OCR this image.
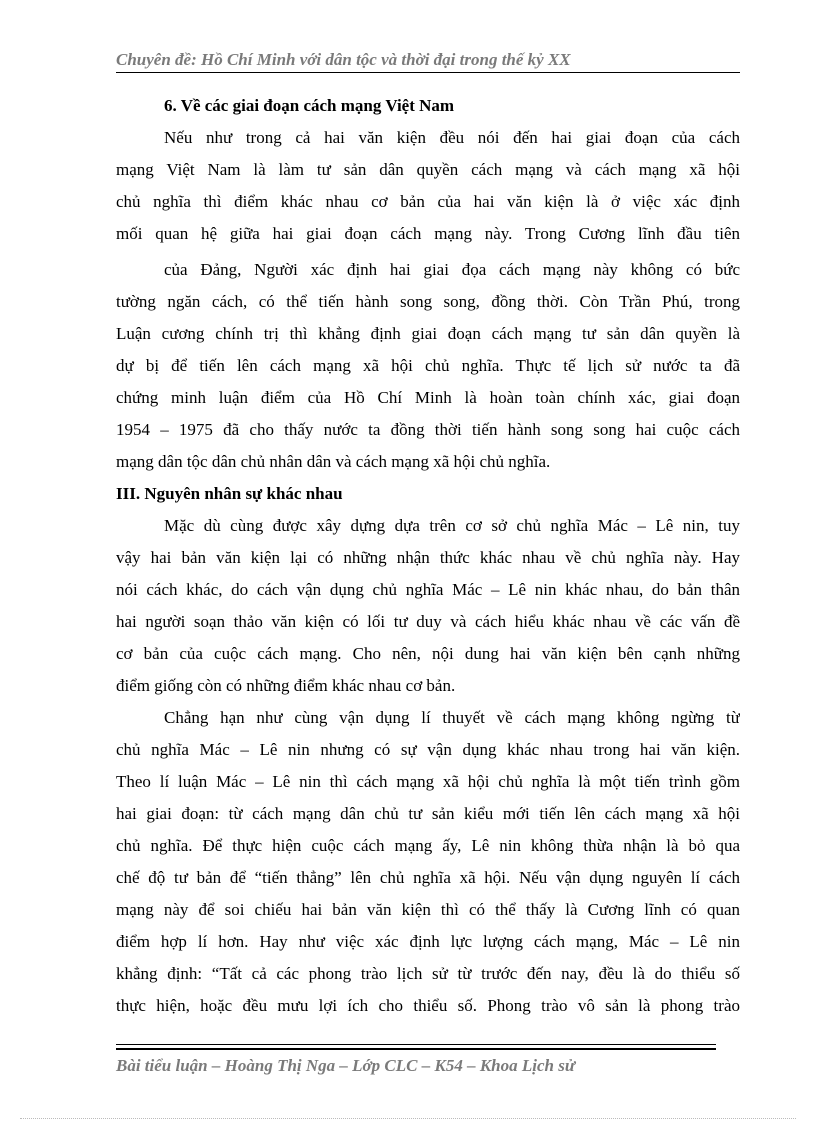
Chuyên đề: Hồ Chí Minh với dân tộc và thời đại trong thế kỷ XX
6. Về các giai đoạn cách mạng Việt Nam
Nếu như trong cả hai văn kiện đều nói đến hai giai đoạn của cách
mạng Việt Nam là làm tư sản dân quyền cách mạng và cách mạng xã hội
chủ nghĩa thì điểm khác nhau cơ bản của hai văn kiện là ở việc xác định
mối quan hệ giữa hai giai đoạn cách mạng này. Trong Cương lĩnh đầu tiên
của Đảng, Người xác định hai giai đọa cách mạng này không có bức
tường ngăn cách, có thể tiến hành song song, đồng thời. Còn Trần Phú, trong
Luận cương chính trị thì khẳng định giai đoạn cách mạng tư sản dân quyền là
dự bị để tiến lên cách mạng xã hội chủ nghĩa. Thực tế lịch sử nước ta đã
chứng minh luận điểm của Hồ Chí Minh là hoàn toàn chính xác, giai đoạn
1954 – 1975 đã cho thấy nước ta đồng thời tiến hành song song hai cuộc cách
mạng dân tộc dân chủ nhân dân và cách mạng xã hội chủ nghĩa.
III. Nguyên nhân sự khác nhau
Mặc dù cùng được xây dựng dựa trên cơ sở chủ nghĩa Mác – Lê nin, tuy
vậy hai bản văn kiện lại có những nhận thức khác nhau về chủ nghĩa này. Hay
nói cách khác, do cách vận dụng chủ nghĩa Mác – Lê nin khác nhau, do bản thân
hai người soạn thảo văn kiện có lối tư duy và cách hiểu khác nhau về các vấn đề
cơ bản của cuộc cách mạng. Cho nên, nội dung hai văn kiện bên cạnh những
điểm giống còn có những điểm khác nhau cơ bản.
Chẳng hạn như cùng vận dụng lí thuyết về cách mạng không ngừng từ
chủ nghĩa Mác – Lê nin nhưng có sự vận dụng khác nhau trong hai văn kiện.
Theo lí luận Mác – Lê nin thì cách mạng xã hội chủ nghĩa là một tiến trình gồm
hai giai đoạn: từ cách mạng dân chủ tư sản kiểu mới tiến lên cách mạng xã hội
chủ nghĩa. Để thực hiện cuộc cách mạng ấy, Lê nin không thừa nhận là bỏ qua
chế độ tư bản để “tiến thẳng” lên chủ nghĩa xã hội. Nếu vận dụng nguyên lí cách
mạng này để soi chiếu hai bản văn kiện thì có thể thấy là Cương lĩnh có quan
điểm hợp lí hơn. Hay như việc xác định lực lượng cách mạng, Mác – Lê nin
khẳng định: “Tất cả các phong trào lịch sử từ trước đến nay, đều là do thiểu số
thực hiện, hoặc đều mưu lợi ích cho thiểu số. Phong trào vô sản là phong trào
Bài tiểu luận – Hoàng Thị Nga – Lớp CLC – K54 – Khoa Lịch sử
